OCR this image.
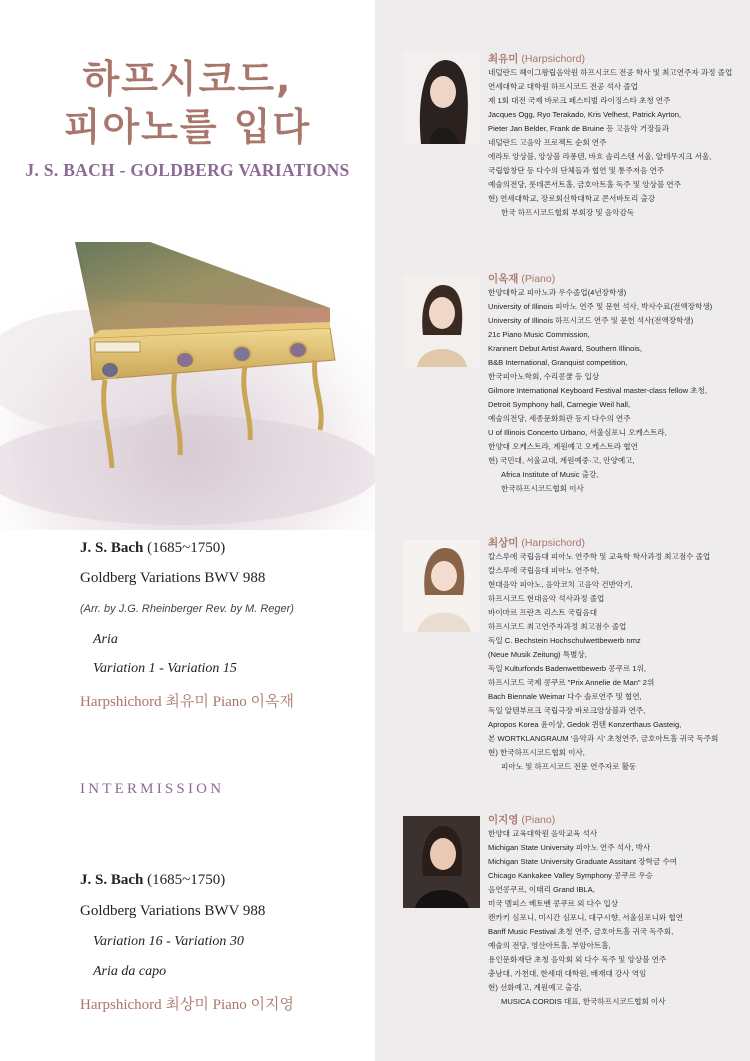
하프시코드,
피아노를 입다
J. S. BACH - GOLDBERG VARIATIONS
J. S. Bach (1685~1750)
Goldberg Variations BWV 988
(Arr. by J.G. Rheinberger Rev. by M. Reger)
Aria
Variation 1 - Variation 15
Harpshichord 최유미 Piano 이옥재
INTERMISSION
J. S. Bach (1685~1750)
Goldberg Variations BWV 988
Variation 16 - Variation 30
Aria da capo
Harpshichord 최상미 Piano 이지영
최유미 (Harpsichord)
네덜란드 헤이그왕립음악원 하프시코드 전공 학사 및 최고연주자 과정 졸업
연세대학교 대학원 하프시코드 전공 석사 졸업
제 1회 대전 국제 바로크 페스티벌 라이징스타 초청 연주
Jacques Ogg, Ryo Terakado, Kris Velhest, Patrick Ayrton,
Pieter Jan Belder, Frank de Bruine 등 고음악 거장들과
네덜란드 고음악 프로젝트 순회 연주
에라토 앙상블, 앙상블 라퐁텐, 바흐 솔리스텐 서울, 알테무지크 서울,
국립합창단 등 다수의 단체들과 협연 및 통주저음 연주
예술의전당, 롯데콘서트홀, 금호아트홀 독주 및 앙상블 연주
현) 연세대학교, 장로회신학대학교 콘서바토리 출강
한국 하프시코드협회 부회장 및 음악감독
이옥재 (Piano)
한양대학교 피아노과 우수졸업(4년장학생)
University of Illinois 피아노 연주 및 문헌 석사, 박사수료(전액장학생)
University of Illinois 하프시코드 연주 및 문헌 석사(전액장학생)
21c Piano Music Commission,
Krannert Debut Artist Award, Southern Illinois,
B&B International, Granquist competition,
한국피아노학회, 수리콩쿨 등 입상
Gilmore International Keyboard Festival master-class fellow 초청,
Detroit Symphony hall, Carnegie Weil hall,
예술의전당, 세종문화회관 등지 다수의 연주
U of Illinois Concerto Urbano, 서울심포니 오케스트라,
한양대 오케스트라, 계원예고 오케스트라 협연
현) 국민대, 서울교대, 계원예중·고, 안양예고,
Africa Institute of Music 출강,
한국하프시코드협회 이사
최상미 (Harpsichord)
칼스루에 국립음대 피아노 연주학 및 교육학 학사과정 최고점수 졸업
칼스루에 국립음대 피아노 연주학,
현대음악 피아노, 음악코치 고음악 건반악기,
하프시코드 현대음악 석사과정 졸업
바이마르 프란츠 리스트 국립음대
하프시코드 최고연주자과정 최고점수 졸업
독일 C. Bechstein Hochschulwettbewerb nmz
(Neue Musik Zeitung) 특별상,
독일 Kulturfonds Badenwettbewerb 콩쿠르 1위,
하프시코드 국제 콩쿠르 "Prix Annelie de Man" 2위
Bach Biennale Weimar 다수 솔로연주 및 협연,
독일 알텐부르크 국립극장 바로크앙상블과 연주,
Apropos Korea 윤이상, Gedok 퀸텐 Konzerthaus Gasteig,
본 WORTKLANGRAUM '음악과 시' 초청연주, 금호아트홀 귀국 독주회
현) 한국하프시코드협회 이사,
피아노 및 하프시코드 전문 연주자로 활동
이지영 (Piano)
한양대 교육대학원 음악교육 석사
Michigan State University 피아노 연주 석사, 박사
Michigan State University Graduate Assitant 장학금 수여
Chicago Kankakee Valley Symphony 콩쿠르 우승
음연콩쿠르, 이태리 Grand IBLA,
미국 멤피스 베토벤 콩쿠르 외 다수 입상
캔카키 심포니, 미시간 심포니, 대구시향, 서울심포니와 협연
Banff Music Festival 초청 연주, 금호아트홀 귀국 독주회,
예술의 전당, 영산아트홀, 부암아트홀,
용인문화재단 초청 음악회 외 다수 독주 및 앙상블 연주
충남대, 가천대, 한세대 대학원, 배재대 강사 역임
현) 선화예고, 계원예고 출강,
MUSICA CORDIS 대표, 한국하프시코드협회 이사
